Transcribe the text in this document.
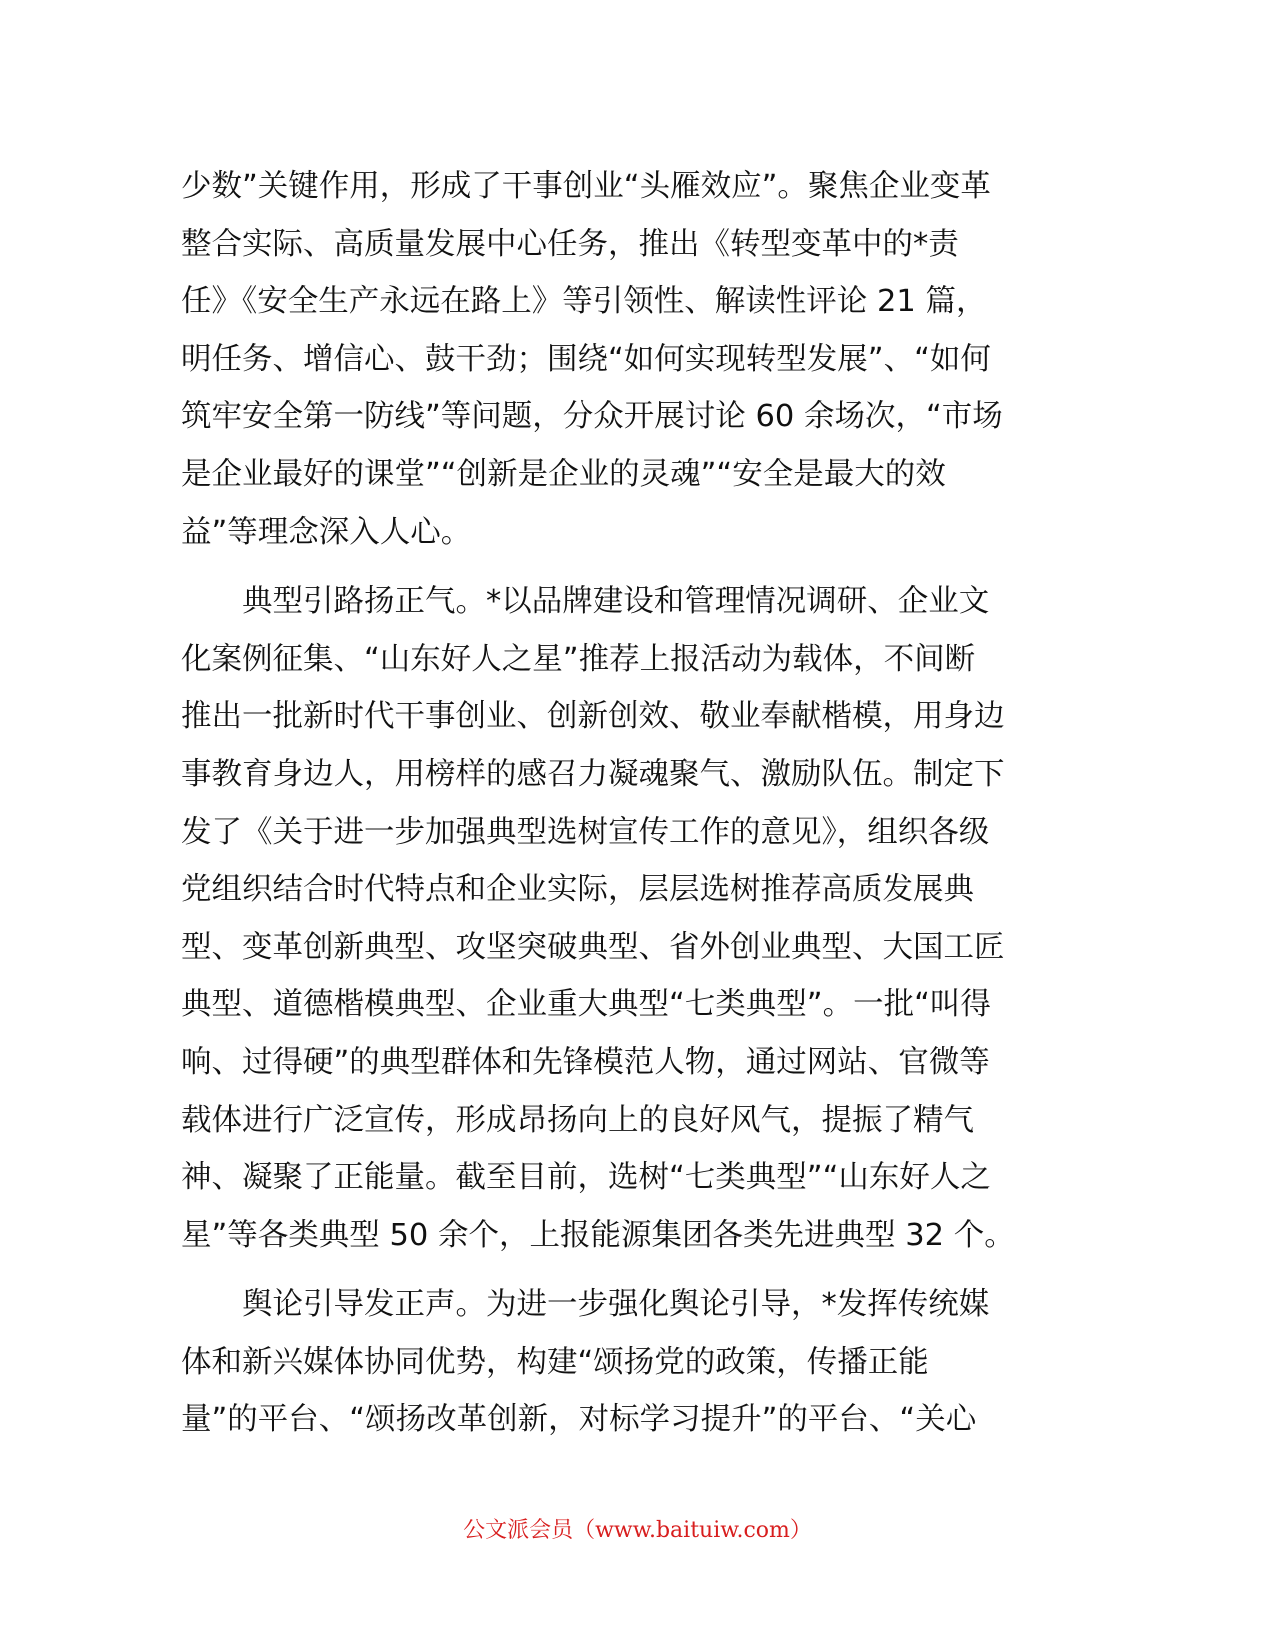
少数”关键作用，形成了干事创业“头雁效应”。聚焦企业变革
整合实际、高质量发展中心任务，推出《转型变革中的*责
任》《安全生产永远在路上》等引领性、解读性评论 21 篇，
明任务、增信心、鼓干劲；围绕“如何实现转型发展”、“如何
筑牢安全第一防线”等问题，分众开展讨论 60 余场次，“市场
是企业最好的课堂”“创新是企业的灵魂”“安全是最大的效
益”等理念深入人心。
　　典型引路扬正气。*以品牌建设和管理情况调研、企业文
化案例征集、“山东好人之星”推荐上报活动为载体，不间断
推出一批新时代干事创业、创新创效、敬业奉献楷模，用身边
事教育身边人，用榜样的感召力凝魂聚气、激励队伍。制定下
发了《关于进一步加强典型选树宣传工作的意见》，组织各级
党组织结合时代特点和企业实际，层层选树推荐高质发展典
型、变革创新典型、攻坚突破典型、省外创业典型、大国工匠
典型、道德楷模典型、企业重大典型“七类典型”。一批“叫得
响、过得硬”的典型群体和先锋模范人物，通过网站、官微等
载体进行广泛宣传，形成昂扬向上的良好风气，提振了精气
神、凝聚了正能量。截至目前，选树“七类典型”“山东好人之
星”等各类典型 50 余个，上报能源集团各类先进典型 32 个。
　　舆论引导发正声。为进一步强化舆论引导，*发挥传统媒
体和新兴媒体协同优势，构建“颂扬党的政策，传播正能
量”的平台、“颂扬改革创新，对标学习提升”的平台、“关心
公文派会员（www.baituiw.com）
